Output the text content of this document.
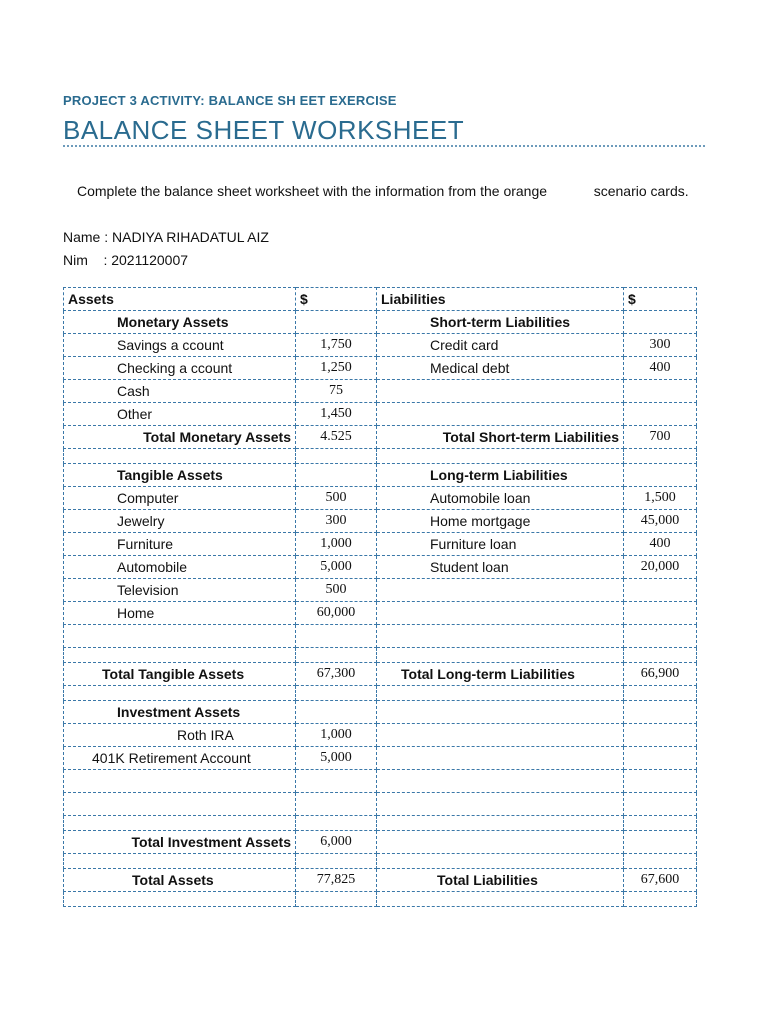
PROJECT 3 ACTIVITY: BALANCE SH EET EXERCISE
BALANCE SHEET WORKSHEET
Complete the balance sheet worksheet with the information from the orange            scenario cards.
Name : NADIYA RIHADATUL AIZ
Nim    : 2021120007
Assets	$	Liabilities	$
Monetary Assets		Short-term Liabilities	
Savings a ccount	1,750	Credit card	300
Checking a ccount	1,250	Medical debt	400
Cash	75		
Other	1,450		
Total Monetary Assets	4.525	Total Short-term Liabilities	700

Tangible Assets		Long-term Liabilities	
Computer	500	Automobile loan	1,500
Jewelry	300	Home mortgage	45,000
Furniture	1,000	Furniture loan	400
Automobile	5,000	Student loan	20,000
Television	500		
Home	60,000		

Total Tangible Assets	67,300	Total Long-term Liabilities	66,900

Investment Assets			
Roth IRA	1,000		
401K Retirement Account	5,000		

Total Investment Assets	6,000		

Total Assets	77,825	Total Liabilities	67,600
